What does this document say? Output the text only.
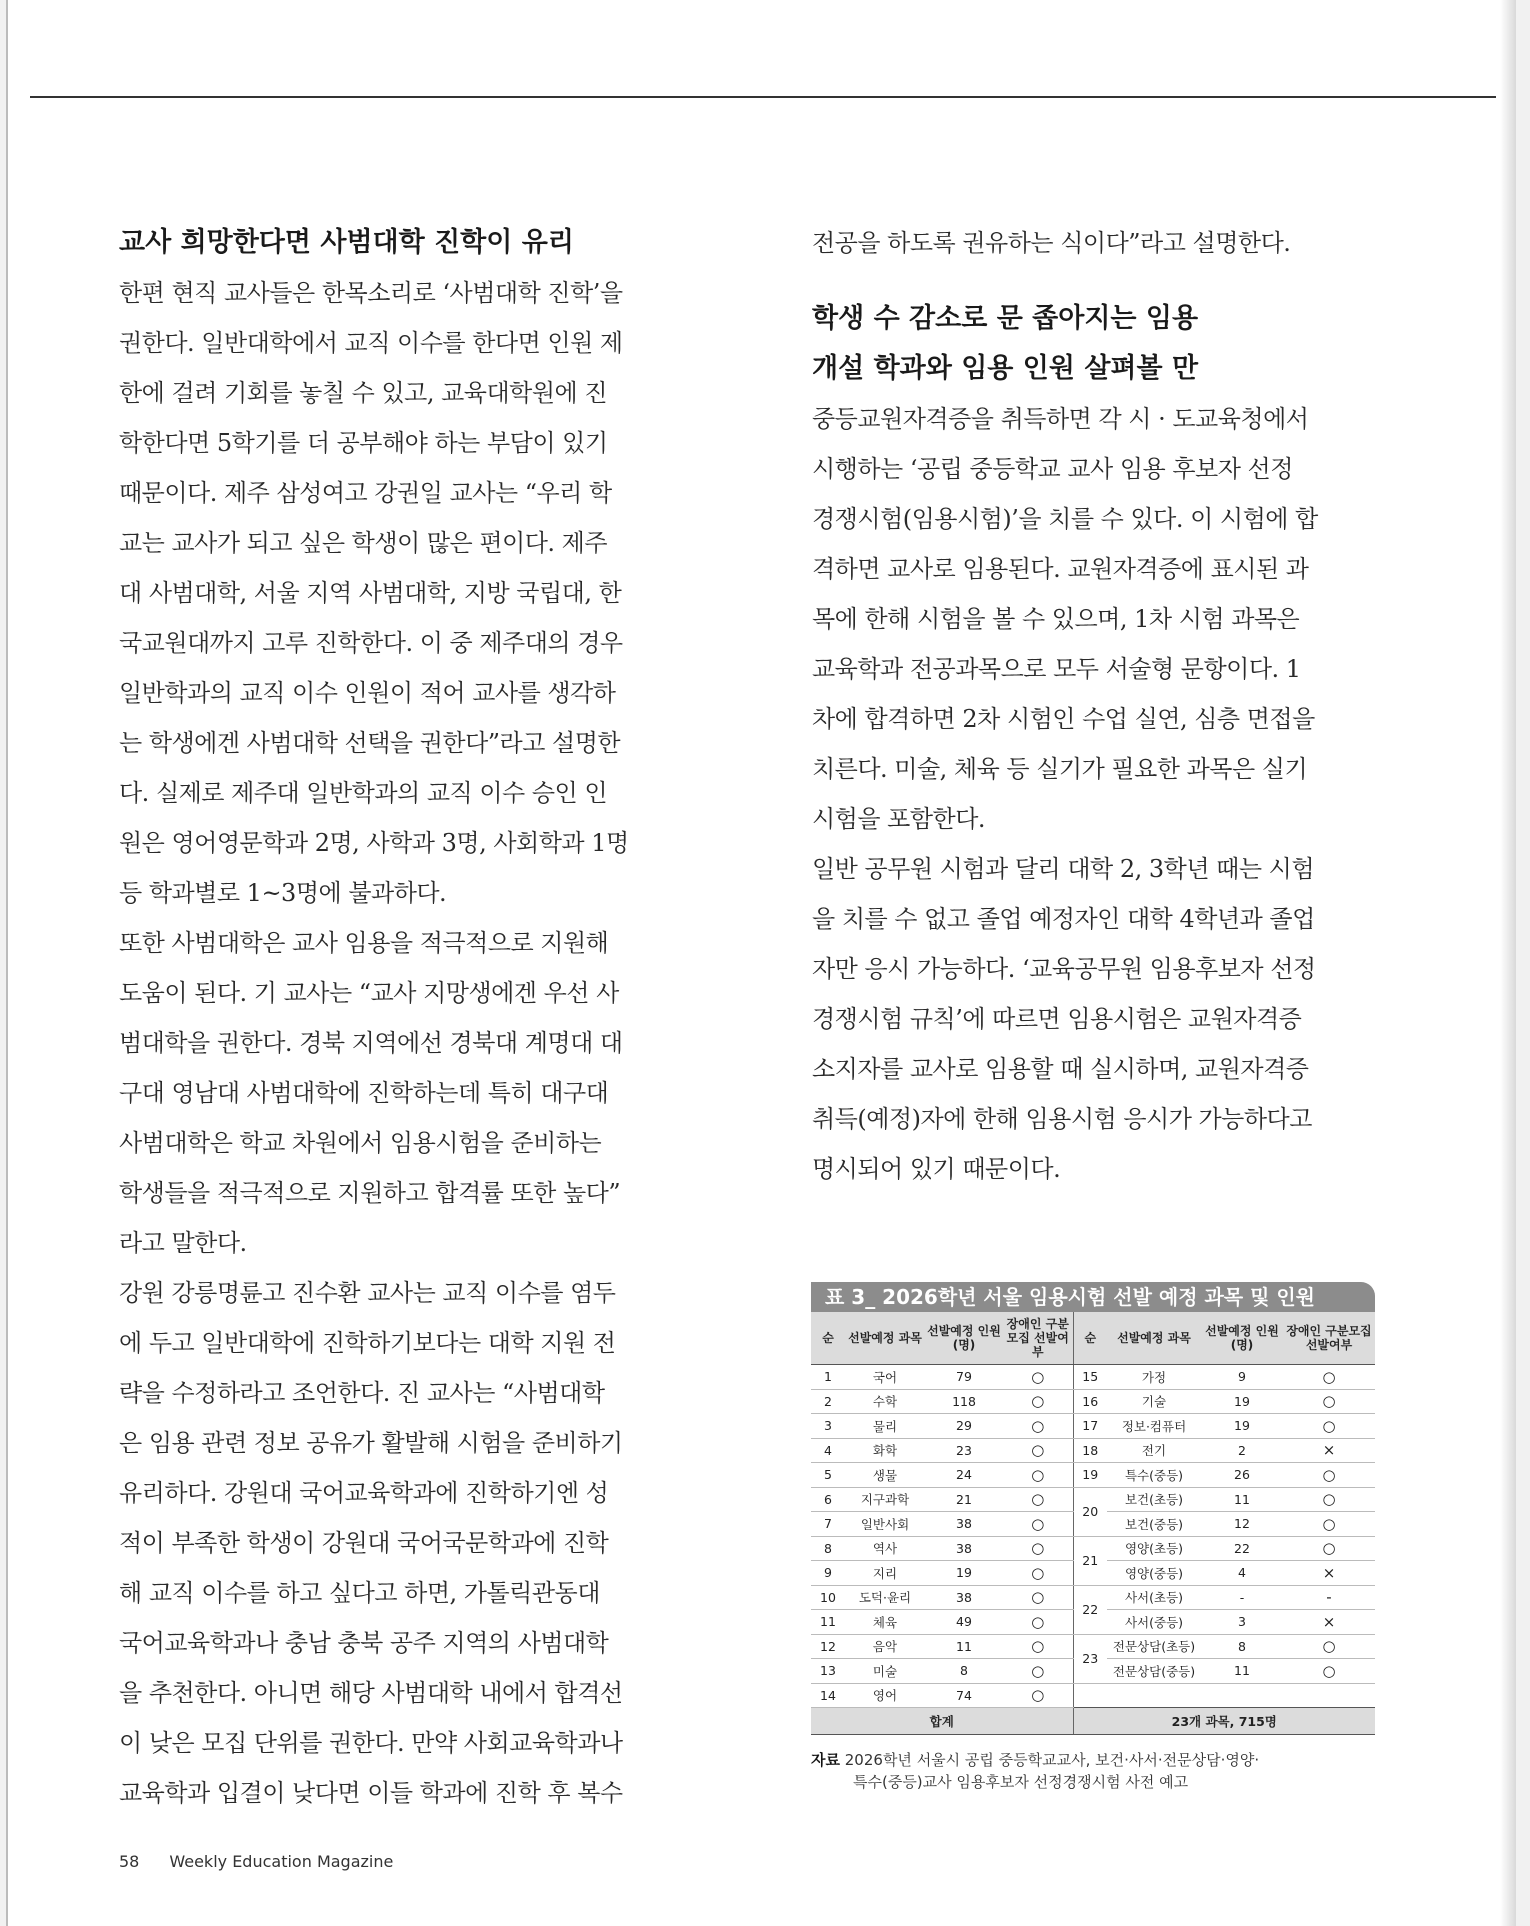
교사 희망한다면 사범대학 진학이 유리

한편 현직 교사들은 한목소리로 ‘사범대학 진학’을
권한다. 일반대학에서 교직 이수를 한다면 인원 제
한에 걸려 기회를 놓칠 수 있고, 교육대학원에 진
학한다면 5학기를 더 공부해야 하는 부담이 있기
때문이다. 제주 삼성여고 강권일 교사는 “우리 학
교는 교사가 되고 싶은 학생이 많은 편이다. 제주
대 사범대학, 서울 지역 사범대학, 지방 국립대, 한
국교원대까지 고루 진학한다. 이 중 제주대의 경우
일반학과의 교직 이수 인원이 적어 교사를 생각하
는 학생에겐 사범대학 선택을 권한다”라고 설명한
다. 실제로 제주대 일반학과의 교직 이수 승인 인
원은 영어영문학과 2명, 사학과 3명, 사회학과 1명
등 학과별로 1~3명에 불과하다.

또한 사범대학은 교사 임용을 적극적으로 지원해
도움이 된다. 기 교사는 “교사 지망생에겐 우선 사
범대학을 권한다. 경북 지역에선 경북대 계명대 대
구대 영남대 사범대학에 진학하는데 특히 대구대
사범대학은 학교 차원에서 임용시험을 준비하는
학생들을 적극적으로 지원하고 합격률 또한 높다”
라고 말한다.

강원 강릉명륜고 진수환 교사는 교직 이수를 염두
에 두고 일반대학에 진학하기보다는 대학 지원 전
략을 수정하라고 조언한다. 진 교사는 “사범대학
은 임용 관련 정보 공유가 활발해 시험을 준비하기
유리하다. 강원대 국어교육학과에 진학하기엔 성
적이 부족한 학생이 강원대 국어국문학과에 진학
해 교직 이수를 하고 싶다고 하면, 가톨릭관동대
국어교육학과나 충남 충북 공주 지역의 사범대학
을 추천한다. 아니면 해당 사범대학 내에서 합격선
이 낮은 모집 단위를 권한다. 만약 사회교육학과나
교육학과 입결이 낮다면 이들 학과에 진학 후 복수

전공을 하도록 권유하는 식이다”라고 설명한다.

학생 수 감소로 문 좁아지는 임용
개설 학과와 임용 인원 살펴볼 만

중등교원자격증을 취득하면 각 시 · 도교육청에서
시행하는 ‘공립 중등학교 교사 임용 후보자 선정
경쟁시험(임용시험)’을 치를 수 있다. 이 시험에 합
격하면 교사로 임용된다. 교원자격증에 표시된 과
목에 한해 시험을 볼 수 있으며, 1차 시험 과목은
교육학과 전공과목으로 모두 서술형 문항이다. 1
차에 합격하면 2차 시험인 수업 실연, 심층 면접을
치른다. 미술, 체육 등 실기가 필요한 과목은 실기
시험을 포함한다.

일반 공무원 시험과 달리 대학 2, 3학년 때는 시험
을 치를 수 없고 졸업 예정자인 대학 4학년과 졸업
자만 응시 가능하다. ‘교육공무원 임용후보자 선정
경쟁시험 규칙’에 따르면 임용시험은 교원자격증
소지자를 교사로 임용할 때 실시하며, 교원자격증
취득(예정)자에 한해 임용시험 응시가 가능하다고
명시되어 있기 때문이다.

표 3_ 2026학년 서울 임용시험 선발 예정 과목 및 인원
순	선발예정 과목	선발예정 인원(명)	장애인 구분모집 선발여부	순	선발예정 과목	선발예정 인원(명)	장애인 구분모집 선발여부
1	국어	79	○	15	가정	9	○
2	수학	118	○	16	기술	19	○
3	물리	29	○	17	정보·컴퓨터	19	○
4	화학	23	○	18	전기	2	×
5	생물	24	○	19	특수(중등)	26	○
6	지구과학	21	○	20	보건(초등)	11	○
7	일반사회	38	○		보건(중등)	12	○
8	역사	38	○	21	영양(초등)	22	○
9	지리	19	○		영양(중등)	4	×
10	도덕·윤리	38	○	22	사서(초등)	-	-
11	체육	49	○		사서(중등)	3	×
12	음악	11	○	23	전문상담(초등)	8	○
13	미술	8	○		전문상담(중등)	11	○
14	영어	74	○				
합계				23개 과목, 715명			
자료 2026학년 서울시 공립 중등학교교사, 보건·사서·전문상담·영양·
특수(중등)교사 임용후보자 선정경쟁시험 사전 예고
58 Weekly Education Magazine
